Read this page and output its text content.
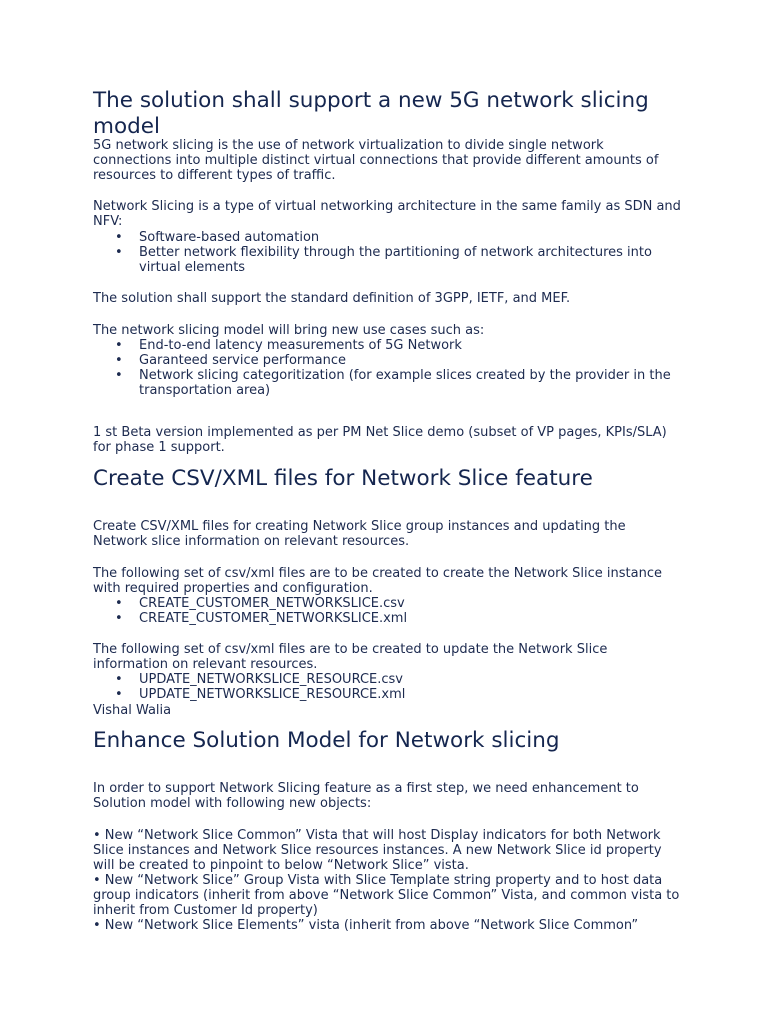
The solution shall support a new 5G network slicing model

5G network slicing is the use of network virtualization to divide single network connections into multiple distinct virtual connections that provide different amounts of resources to different types of traffic.

Network Slicing is a type of virtual networking architecture in the same family as SDN and NFV:

• Software-based automation
• Better network flexibility through the partitioning of network architectures into virtual elements

The solution shall support the standard definition of 3GPP, IETF, and MEF.

The network slicing model will bring new use cases such as:

• End-to-end latency measurements of 5G Network
• Garanteed service performance
• Network slicing categoritization (for example slices created by the provider in the transportation area)

1 st Beta version implemented as per PM Net Slice demo (subset of VP pages, KPIs/SLA) for phase 1 support.

Create CSV/XML files for Network Slice feature

Create CSV/XML files for creating Network Slice group instances and updating the Network slice information on relevant resources.

The following set of csv/xml files are to be created to create the Network Slice instance with required properties and configuration.

• CREATE_CUSTOMER_NETWORKSLICE.csv
• CREATE_CUSTOMER_NETWORKSLICE.xml

The following set of csv/xml files are to be created to update the Network Slice information on relevant resources.

• UPDATE_NETWORKSLICE_RESOURCE.csv
• UPDATE_NETWORKSLICE_RESOURCE.xml

Vishal Walia

Enhance Solution Model for Network slicing

In order to support Network Slicing feature as a first step, we need enhancement to Solution model with following new objects:

• New “Network Slice Common” Vista that will host Display indicators for both Network Slice instances and Network Slice resources instances. A new Network Slice id property will be created to pinpoint to below “Network Slice” vista.

• New “Network Slice” Group Vista with Slice Template string property and to host data group indicators (inherit from above “Network Slice Common” Vista, and common vista to inherit from Customer Id property)

• New “Network Slice Elements” vista (inherit from above “Network Slice Common”
